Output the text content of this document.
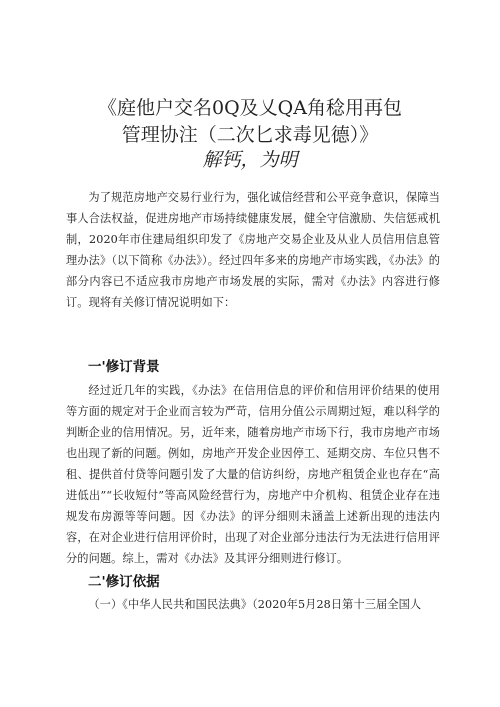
《庭他户交名0Q及乂QA角稔用再包
管理协注（二次匕求毒见德）》
解钙，为明
为了规范房地产交易行业行为，强化诚信经营和公平竞争意识，保障当事人合法权益，促进房地产市场持续健康发展，健全守信激励、失信惩戒机制，2020年市住建局组织印发了《房地产交易企业及从业人员信用信息管理办法》（以下简称《办法》）。经过四年多来的房地产市场实践，《办法》的部分内容已不适应我市房地产市场发展的实际，需对《办法》内容进行修订。现将有关修订情况说明如下：
一'修订背景
经过近几年的实践，《办法》在信用信息的评价和信用评价结果的使用等方面的规定对于企业而言较为严苛，信用分值公示周期过短，难以科学的判断企业的信用情况。另，近年来，随着房地产市场下行，我市房地产市场也出现了新的问题。例如，房地产开发企业因停工、延期交房、车位只售不租、提供首付贷等问题引发了大量的信访纠纷，房地产租赁企业也存在“高进低出”“长收短付”等高风险经营行为，房地产中介机构、租赁企业存在违规发布房源等等问题。因《办法》的评分细则未涵盖上述新出现的违法内容，在对企业进行信用评价时，出现了对企业部分违法行为无法进行信用评分的问题。综上，需对《办法》及其评分细则进行修订。
二'修订依据
（一）《中华人民共和国民法典》（2020年5月28日第十三届全国人
